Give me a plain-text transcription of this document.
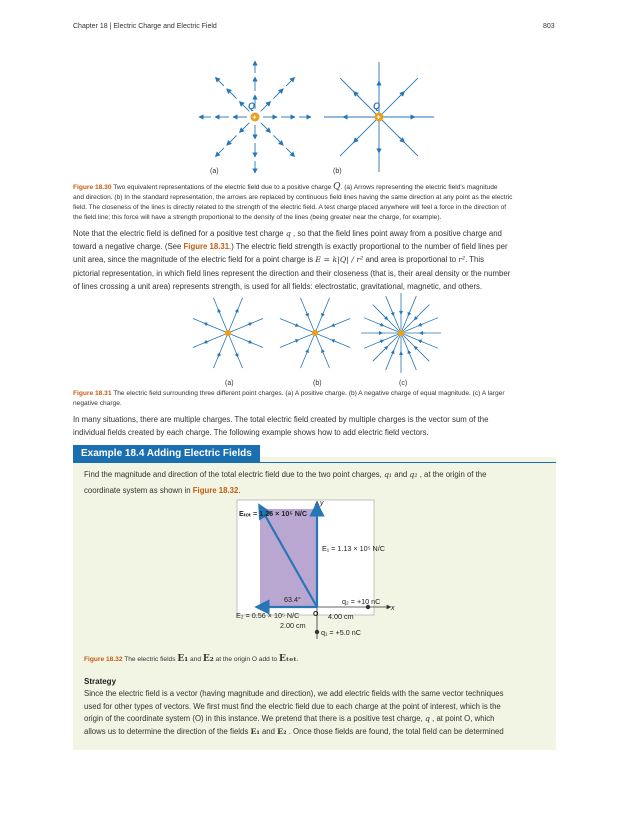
Chapter 18 | Electric Charge and Electric Field	803
+	+
(a)	(b)
Q	Q
Figure 18.30 Two equivalent representations of the electric field due to a positive charge Q. (a) Arrows representing the electric field's magnitude
and direction. (b) In the standard representation, the arrows are replaced by continuous field lines having the same direction at any point as the electric
field. The closeness of the lines is directly related to the strength of the electric field. A test charge placed anywhere will feel a force in the direction of
the field line; this force will have a strength proportional to the density of the lines (being greater near the charge, for example).
Note that the electric field is defined for a positive test charge q , so that the field lines point away from a positive charge and
toward a negative charge. (See Figure 18.31.) The electric field strength is exactly proportional to the number of field lines per
unit area, since the magnitude of the electric field for a point charge is E = k|Q| / r² and area is proportional to r². This
pictorial representation, in which field lines represent the direction and their closeness (that is, their areal density or the number
of lines crossing a unit area) represents strength, is used for all fields: electrostatic, gravitational, magnetic, and others.
(a)	(b)	(c)
Figure 18.31 The electric field surrounding three different point charges. (a) A positive charge. (b) A negative charge of equal magnitude. (c) A larger
negative charge.
In many situations, there are multiple charges. The total electric field created by multiple charges is the vector sum of the
individual fields created by each charge. The following example shows how to add electric field vectors.
Example 18.4 Adding Electric Fields
Find the magnitude and direction of the total electric field due to the two point charges, q₁ and q₂ , at the origin of the
coordinate system as shown in Figure 18.32.
Eₜₒₜ = 1.26 × 10⁵ N/C
E₁ = 1.13 × 10⁵ N/C
E₂ = 0.56 × 10⁵ N/C
63.4°
y
x
O
q₂ = +10 nC
4.00 cm
2.00 cm
q₁ = +5.0 nC
Figure 18.32 The electric fields E₁ and E₂ at the origin O add to Eₜₒₜ.
Strategy
Since the electric field is a vector (having magnitude and direction), we add electric fields with the same vector techniques
used for other types of vectors. We first must find the electric field due to each charge at the point of interest, which is the
origin of the coordinate system (O) in this instance. We pretend that there is a positive test charge, q , at point O, which
allows us to determine the direction of the fields E₁ and E₂ . Once those fields are found, the total field can be determined
